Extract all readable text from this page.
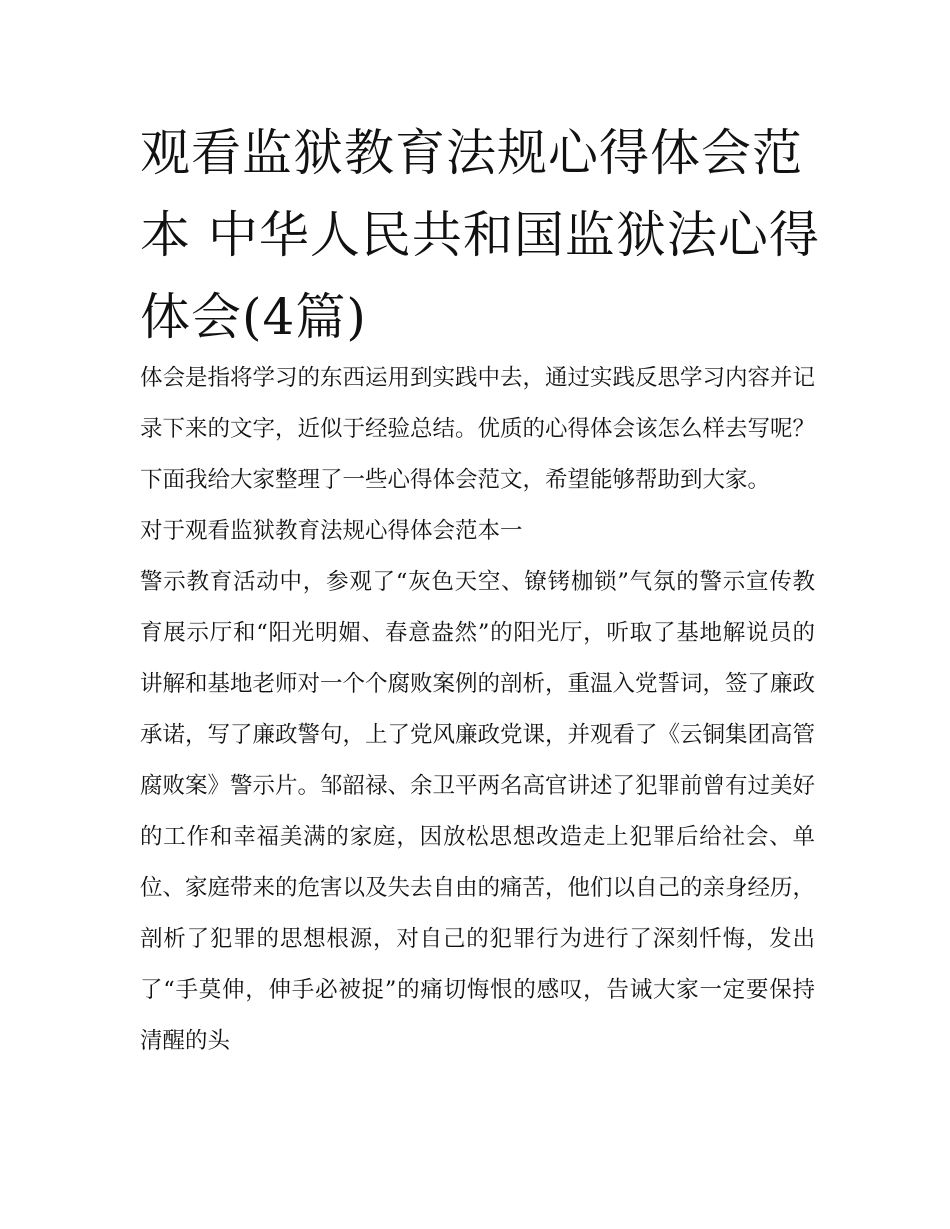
观看监狱教育法规心得体会范本 中华人民共和国监狱法心得体会(4篇)

体会是指将学习的东西运用到实践中去，通过实践反思学习内容并记录下来的文字，近似于经验总结。优质的心得体会该怎么样去写呢？下面我给大家整理了一些心得体会范文，希望能够帮助到大家。

对于观看监狱教育法规心得体会范本一

警示教育活动中，参观了“灰色天空、镣铐枷锁”气氛的警示宣传教育展示厅和“阳光明媚、春意盎然”的阳光厅，听取了基地解说员的讲解和基地老师对一个个腐败案例的剖析，重温入党誓词，签了廉政承诺，写了廉政警句，上了党风廉政党课，并观看了《云铜集团高管腐败案》警示片。邹韶禄、余卫平两名高官讲述了犯罪前曾有过美好的工作和幸福美满的家庭，因放松思想改造走上犯罪后给社会、单位、家庭带来的危害以及失去自由的痛苦，他们以自己的亲身经历，剖析了犯罪的思想根源，对自己的犯罪行为进行了深刻忏悔，发出了“手莫伸，伸手必被捉”的痛切悔恨的感叹，告诫大家一定要保持清醒的头
